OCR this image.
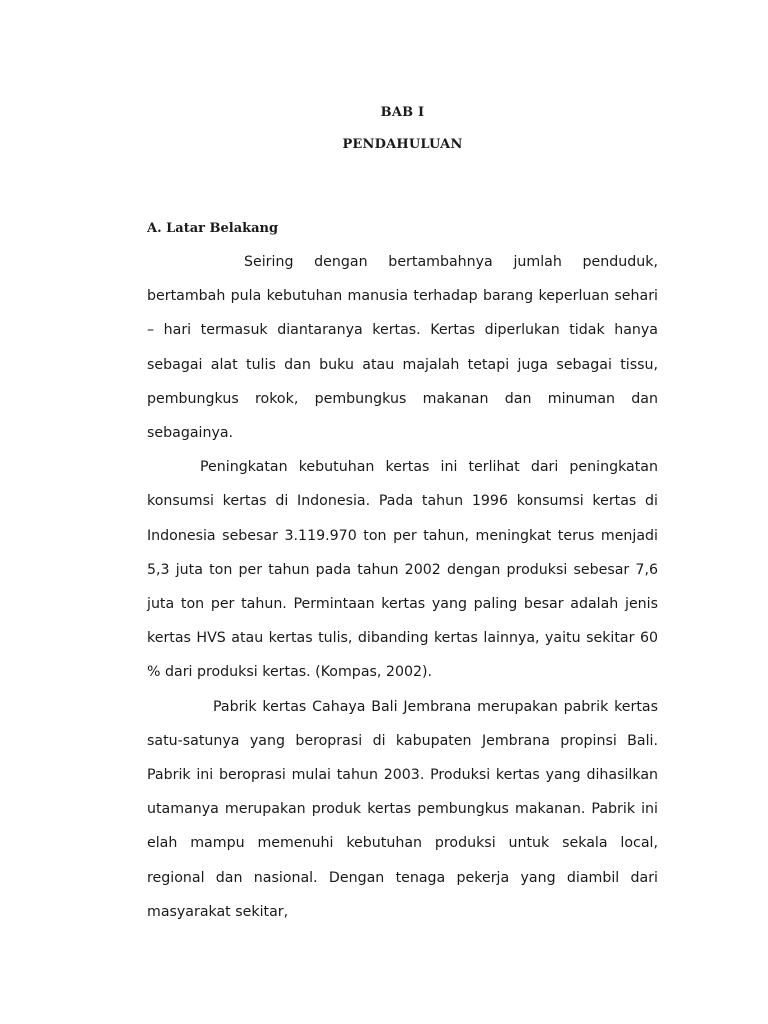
BAB I
PENDAHULUAN
A. Latar Belakang

Seiring dengan bertambahnya jumlah penduduk, bertambah pula kebutuhan manusia terhadap barang keperluan sehari – hari termasuk diantaranya kertas. Kertas diperlukan tidak hanya sebagai alat tulis dan buku atau majalah tetapi juga sebagai tissu, pembungkus rokok, pembungkus makanan dan minuman dan sebagainya.

Peningkatan kebutuhan kertas ini terlihat dari peningkatan konsumsi kertas di Indonesia. Pada tahun 1996 konsumsi kertas di Indonesia sebesar 3.119.970 ton per tahun, meningkat terus menjadi 5,3 juta ton per tahun pada tahun 2002 dengan produksi sebesar 7,6 juta ton per tahun. Permintaan kertas yang paling besar adalah jenis kertas HVS atau kertas tulis, dibanding kertas lainnya, yaitu sekitar 60 % dari produksi kertas. (Kompas, 2002).

Pabrik kertas Cahaya Bali Jembrana merupakan pabrik kertas satu-satunya yang beroprasi di kabupaten Jembrana propinsi Bali. Pabrik ini beroprasi mulai tahun 2003. Produksi kertas yang dihasilkan utamanya merupakan produk kertas pembungkus makanan. Pabrik ini elah mampu memenuhi kebutuhan produksi untuk sekala local, regional dan nasional. Dengan tenaga pekerja yang diambil dari masyarakat sekitar,
